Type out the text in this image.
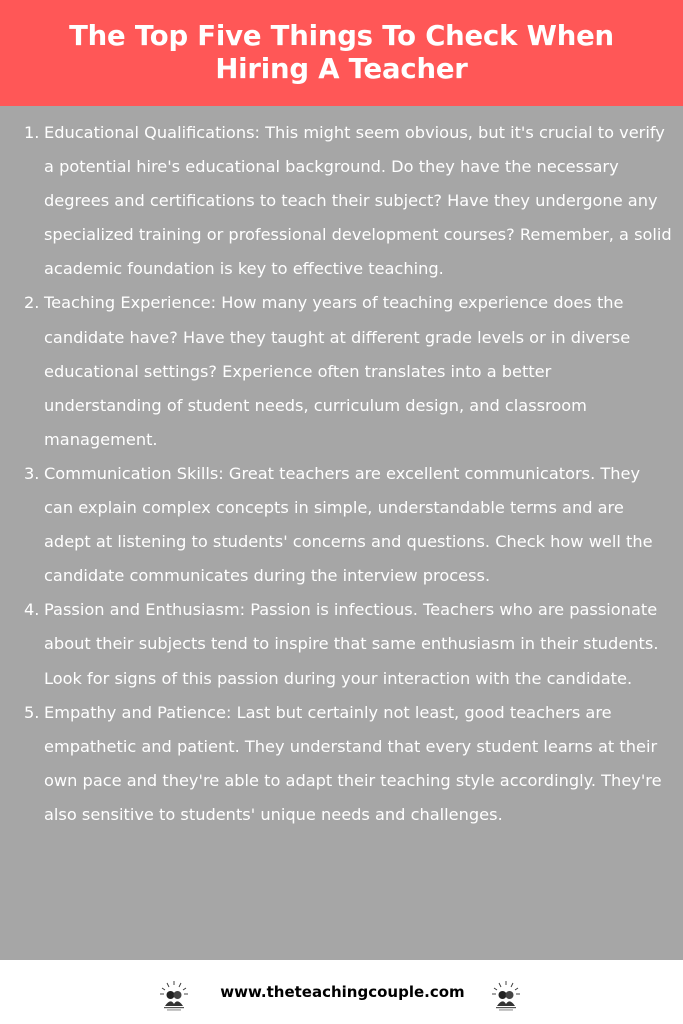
The Top Five Things To Check When
Hiring A Teacher
1. Educational Qualifications: This might seem obvious, but it's crucial to verify a potential hire's educational background. Do they have the necessary degrees and certifications to teach their subject? Have they undergone any specialized training or professional development courses? Remember, a solid academic foundation is key to effective teaching.
2. Teaching Experience: How many years of teaching experience does the candidate have? Have they taught at different grade levels or in diverse educational settings? Experience often translates into a better understanding of student needs, curriculum design, and classroom management.
3. Communication Skills: Great teachers are excellent communicators. They can explain complex concepts in simple, understandable terms and are adept at listening to students' concerns and questions. Check how well the candidate communicates during the interview process.
4. Passion and Enthusiasm: Passion is infectious. Teachers who are passionate about their subjects tend to inspire that same enthusiasm in their students. Look for signs of this passion during your interaction with the candidate.
5. Empathy and Patience: Last but certainly not least, good teachers are empathetic and patient. They understand that every student learns at their own pace and they're able to adapt their teaching style accordingly. They're also sensitive to students' unique needs and challenges.
www.theteachingcouple.com
